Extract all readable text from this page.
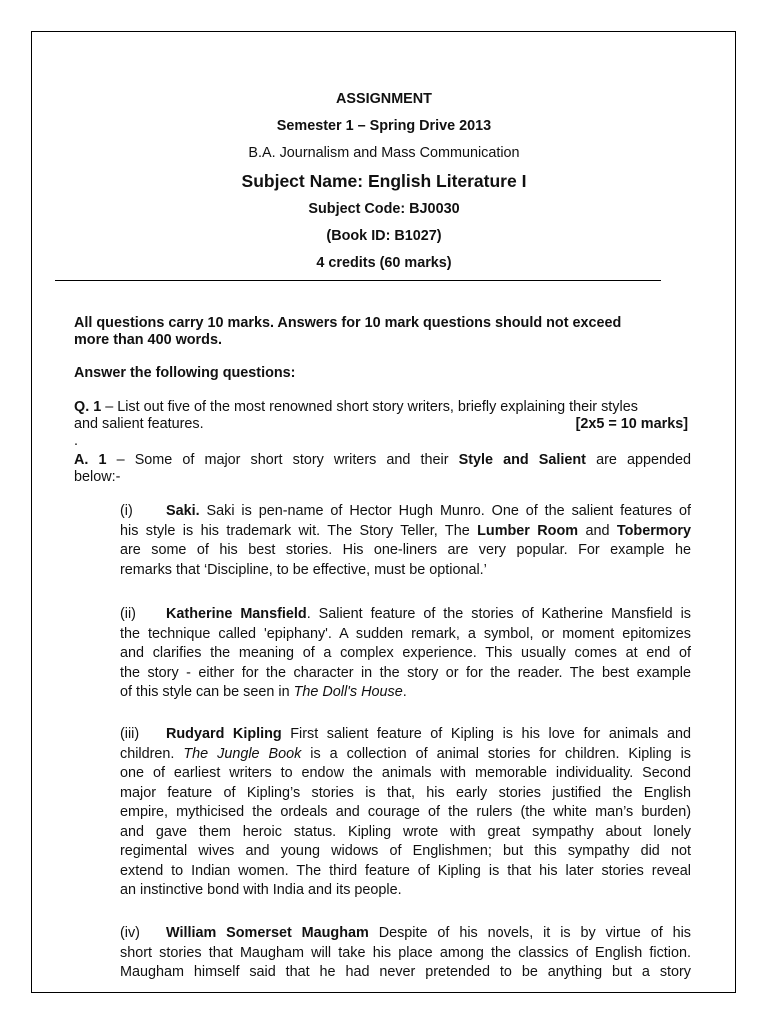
ASSIGNMENT
Semester 1 – Spring Drive 2013
B.A. Journalism and Mass Communication
Subject Name: English Literature I
Subject Code: BJ0030
(Book ID: B1027)
4 credits (60 marks)
All questions carry 10 marks. Answers for 10 mark questions should not exceed
more than 400 words.
Answer the following questions:
Q. 1 – List out five of the most renowned short story writers, briefly explaining their styles
and salient features.	[2x5 = 10 marks]
.
A. 1 – Some of major short story writers and their Style and Salient are appended
below:-
(i) Saki. Saki is pen-name of Hector Hugh Munro. One of the salient features of
his style is his trademark wit. The Story Teller, The Lumber Room and Tobermory
are some of his best stories. His one-liners are very popular. For example he
remarks that ‘Discipline, to be effective, must be optional.’
(ii) Katherine Mansfield. Salient feature of the stories of Katherine Mansfield is
the technique called 'epiphany'. A sudden remark, a symbol, or moment epitomizes
and clarifies the meaning of a complex experience. This usually comes at end of
the story - either for the character in the story or for the reader. The best example
of this style can be seen in The Doll's House.
(iii) Rudyard Kipling First salient feature of Kipling is his love for animals and
children. The Jungle Book is a collection of animal stories for children. Kipling is
one of earliest writers to endow the animals with memorable individuality. Second
major feature of Kipling’s stories is that, his early stories justified the English
empire, mythicised the ordeals and courage of the rulers (the white man’s burden)
and gave them heroic status. Kipling wrote with great sympathy about lonely
regimental wives and young widows of Englishmen; but this sympathy did not
extend to Indian women. The third feature of Kipling is that his later stories reveal
an instinctive bond with India and its people.
(iv) William Somerset Maugham Despite of his novels, it is by virtue of his
short stories that Maugham will take his place among the classics of English fiction.
Maugham himself said that he had never pretended to be anything but a story
